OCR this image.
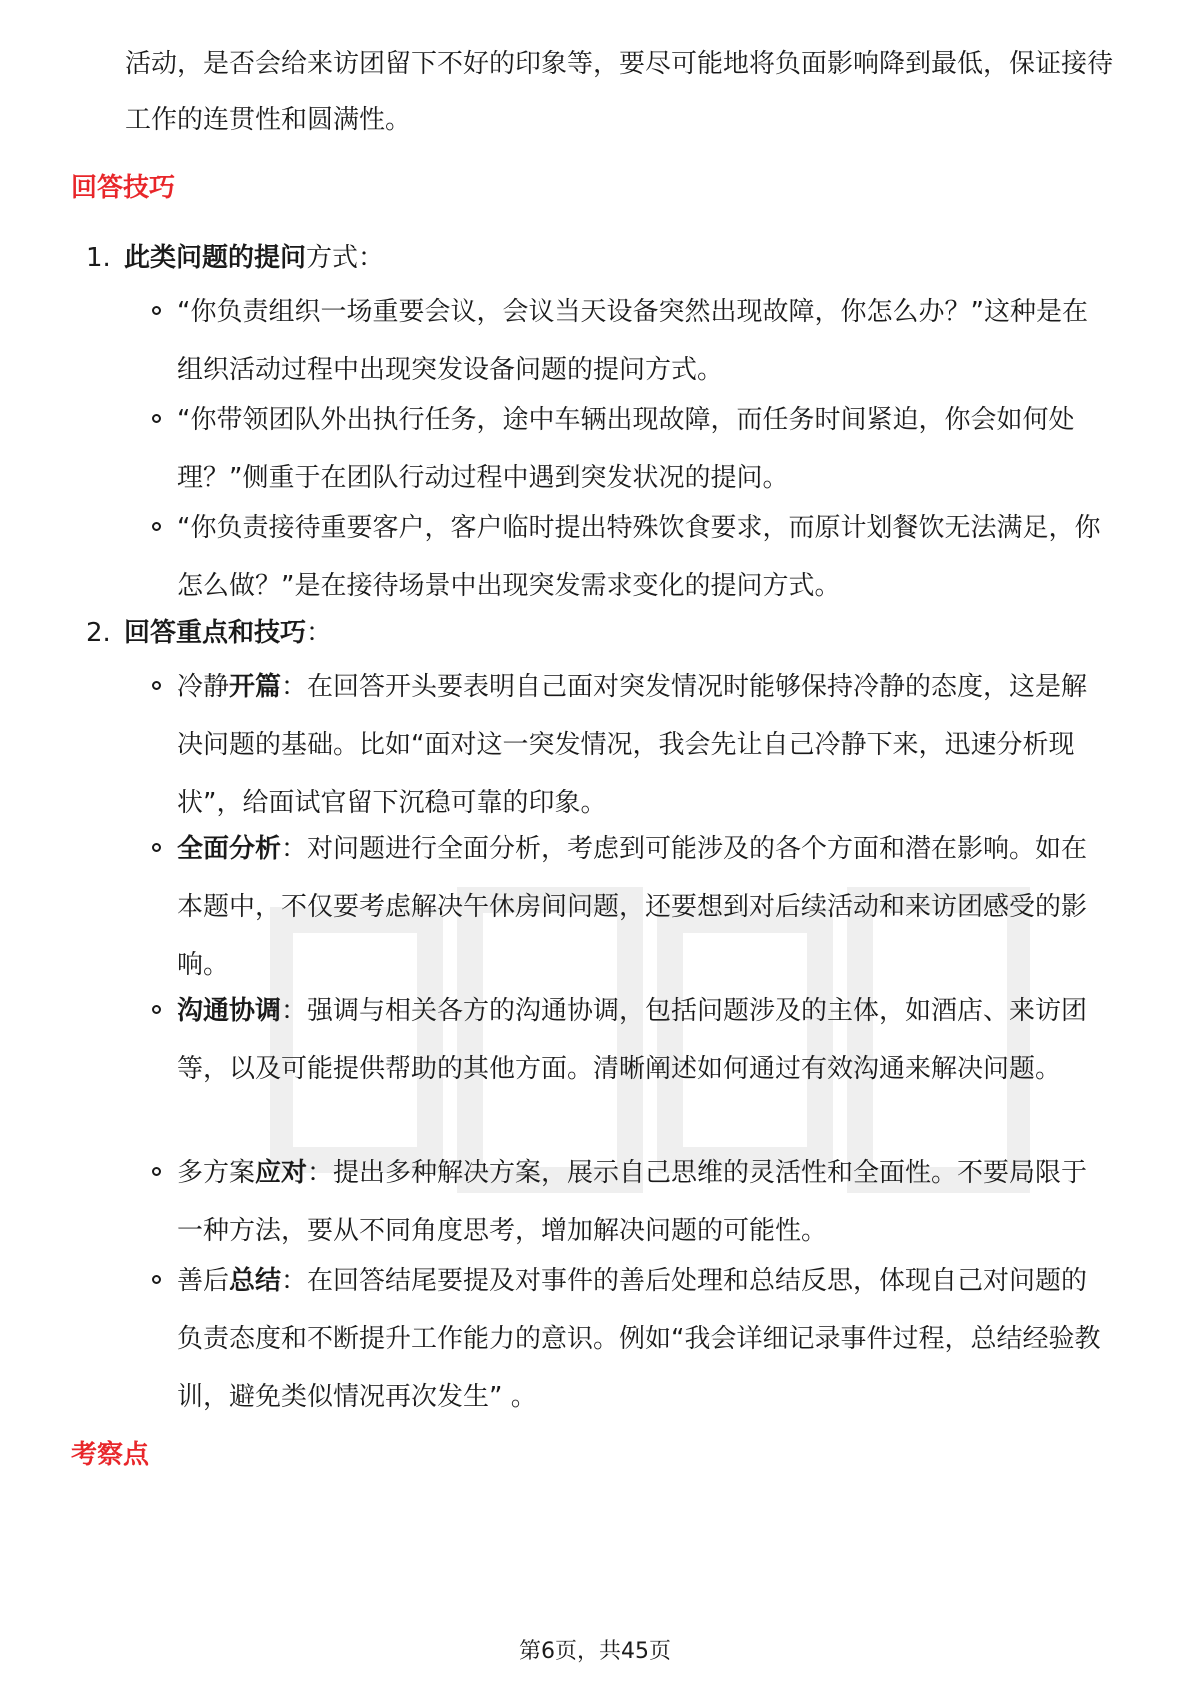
活动，是否会给来访团留下不好的印象等，要尽可能地将负面影响降到最低，保证接待工作的连贯性和圆满性。

回答技巧

1. 此类问题的提问方式：

“你负责组织一场重要会议，会议当天设备突然出现故障，你怎么办？”这种是在组织活动过程中出现突发设备问题的提问方式。
“你带领团队外出执行任务，途中车辆出现故障，而任务时间紧迫，你会如何处理？”侧重于在团队行动过程中遇到突发状况的提问。
“你负责接待重要客户，客户临时提出特殊饮食要求，而原计划餐饮无法满足，你怎么做？”是在接待场景中出现突发需求变化的提问方式。

2. 回答重点和技巧：

冷静开篇：在回答开头要表明自己面对突发情况时能够保持冷静的态度，这是解决问题的基础。比如“面对这一突发情况，我会先让自己冷静下来，迅速分析现状”，给面试官留下沉稳可靠的印象。
全面分析：对问题进行全面分析，考虑到可能涉及的各个方面和潜在影响。如在本题中，不仅要考虑解决午休房间问题，还要想到对后续活动和来访团感受的影响。
沟通协调：强调与相关各方的沟通协调，包括问题涉及的主体，如酒店、来访团等，以及可能提供帮助的其他方面。清晰阐述如何通过有效沟通来解决问题。
多方案应对：提出多种解决方案，展示自己思维的灵活性和全面性。不要局限于一种方法，要从不同角度思考，增加解决问题的可能性。
善后总结：在回答结尾要提及对事件的善后处理和总结反思，体现自己对问题的负责态度和不断提升工作能力的意识。例如“我会详细记录事件过程，总结经验教训，避免类似情况再次发生” 。
考察点
第6页，共45页
